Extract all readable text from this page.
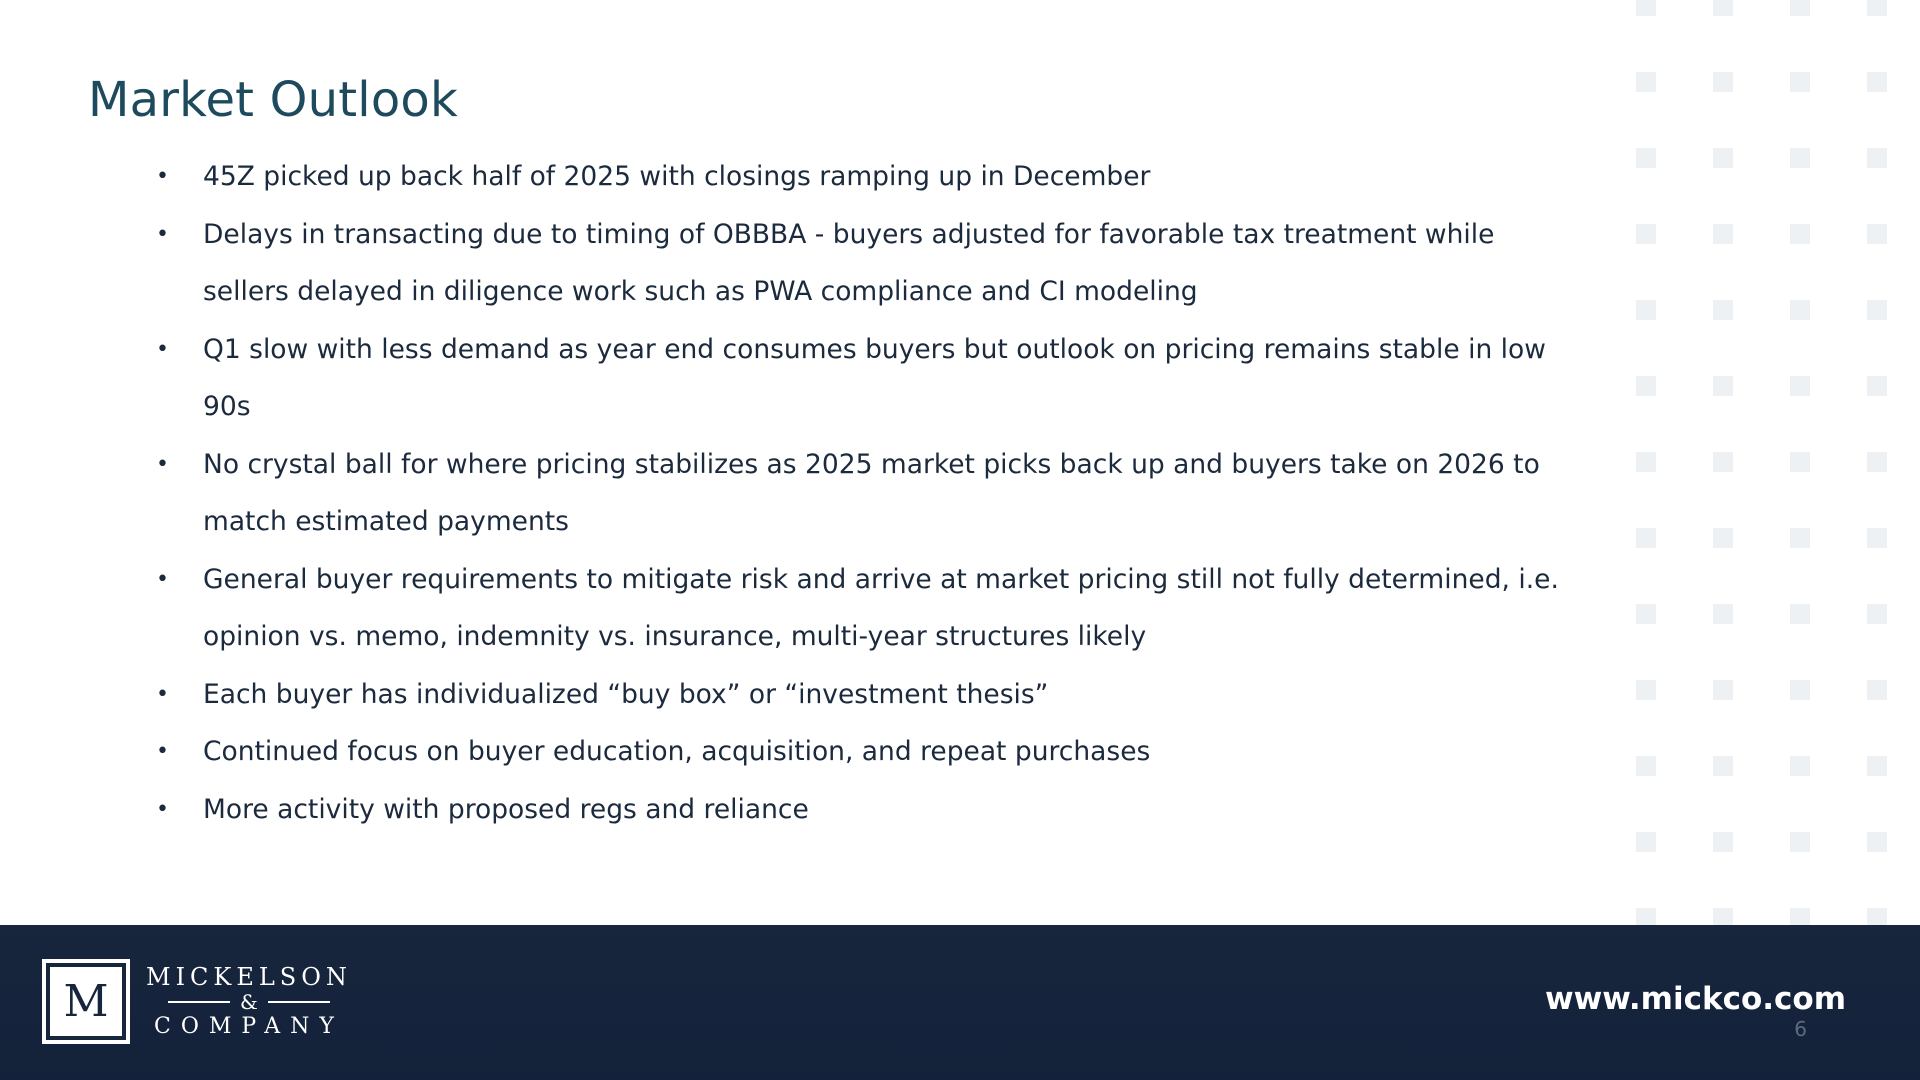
Market Outlook
• 45Z picked up back half of 2025 with closings ramping up in December
• Delays in transacting due to timing of OBBBA - buyers adjusted for favorable tax treatment while sellers delayed in diligence work such as PWA compliance and CI modeling
• Q1 slow with less demand as year end consumes buyers but outlook on pricing remains stable in low 90s
• No crystal ball for where pricing stabilizes as 2025 market picks back up and buyers take on 2026 to match estimated payments
• General buyer requirements to mitigate risk and arrive at market pricing still not fully determined, i.e. opinion vs. memo, indemnity vs. insurance, multi-year structures likely
• Each buyer has individualized “buy box” or “investment thesis”
• Continued focus on buyer education, acquisition, and repeat purchases
• More activity with proposed regs and reliance
M	MICKELSON
&
COMPANY
www.mickco.com
6
